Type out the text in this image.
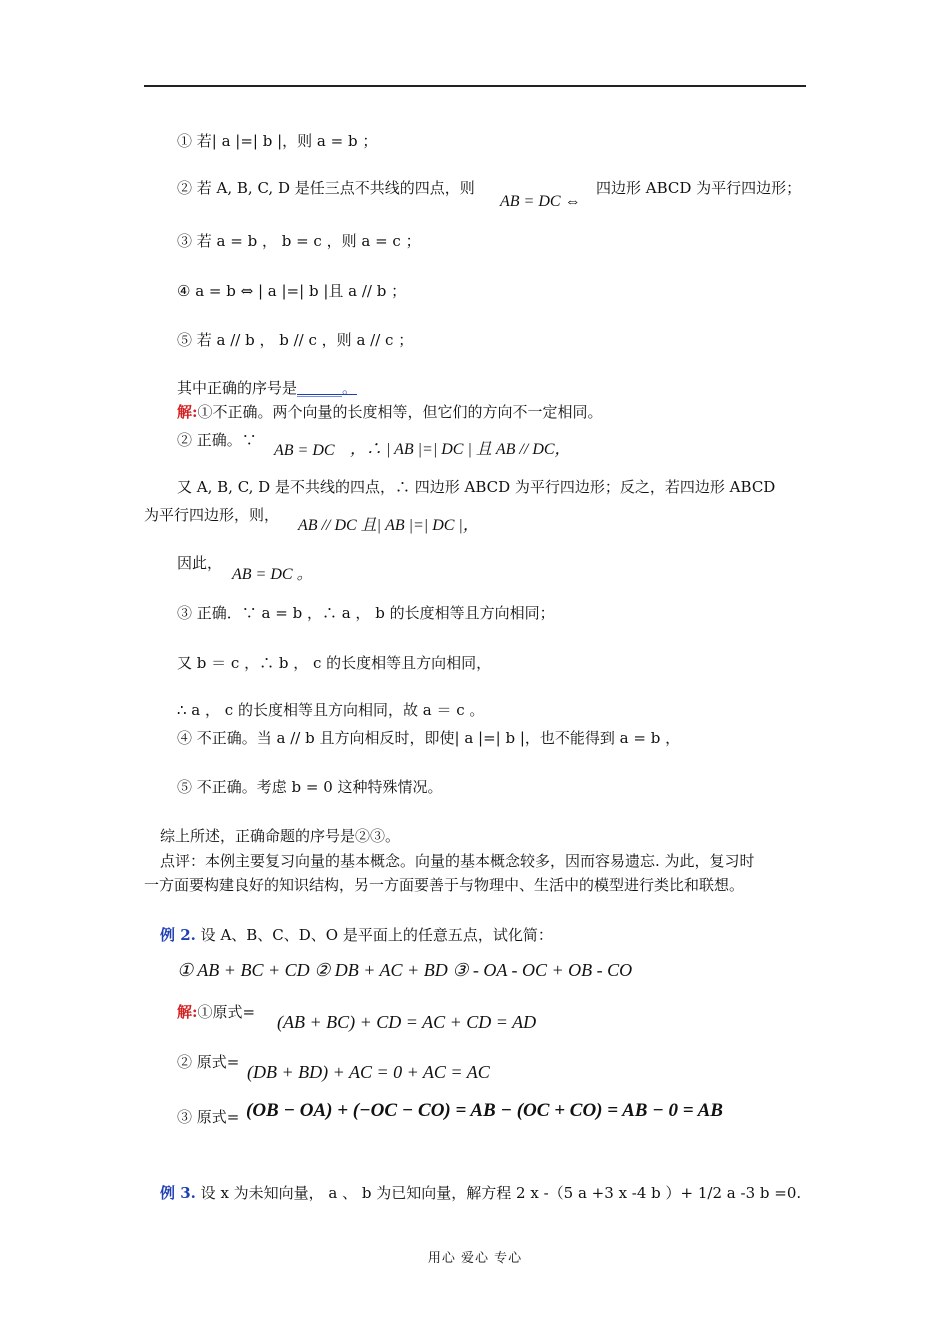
① 若| a |=| b |，则 a = b ；
② 若 A, B, C, D 是任三点不共线的四点，则
AB = DC ⇔
四边形 ABCD 为平行四边形；
③ 若 a = b ， b = c ，则 a = c ；
④ a = b ⇔ | a |=| b |且 a // b ；
⑤ 若 a // b ， b // c ，则 a // c ；
其中正确的序号是______。
解:①不正确。两个向量的长度相等，但它们的方向不一定相同。
② 正确。∵
AB = DC ，∴ | AB |=| DC | 且 AB // DC，
又 A, B, C, D 是不共线的四点，∴ 四边形 ABCD 为平行四边形；反之，若四边形 ABCD
为平行四边形，则，
AB // DC 且| AB |=| DC |，
因此，
AB = DC 。
③ 正确．∵ a = b ，∴ a ， b 的长度相等且方向相同；
又 b ＝ c ，∴ b ， c 的长度相等且方向相同，
∴ a ， c 的长度相等且方向相同，故 a ＝ c 。
④ 不正确。当 a // b 且方向相反时，即使| a |=| b |，也不能得到 a = b ，
⑤ 不正确。考虑 b = 0 这种特殊情况。
综上所述，正确命题的序号是②③。
点评：本例主要复习向量的基本概念。向量的基本概念较多，因而容易遗忘. 为此，复习时
一方面要构建良好的知识结构，另一方面要善于与物理中、生活中的模型进行类比和联想。
例 2. 设 A、B、C、D、O 是平面上的任意五点，试化简：
① AB + BC + CD ② DB + AC + BD ③ - OA - OC + OB - CO
解:①原式= (AB + BC) + CD = AC + CD = AD
② 原式= (DB + BD) + AC = 0 + AC = AC
③ 原式= (OB − OA) + (−OC − CO) = AB − (OC + CO) = AB − 0 = AB
例 3. 设 x 为未知向量， a 、 b 为已知向量，解方程 2 x -（5 a +3 x -4 b ）+ 1/2 a -3 b =0.
用心 爱心 专心
